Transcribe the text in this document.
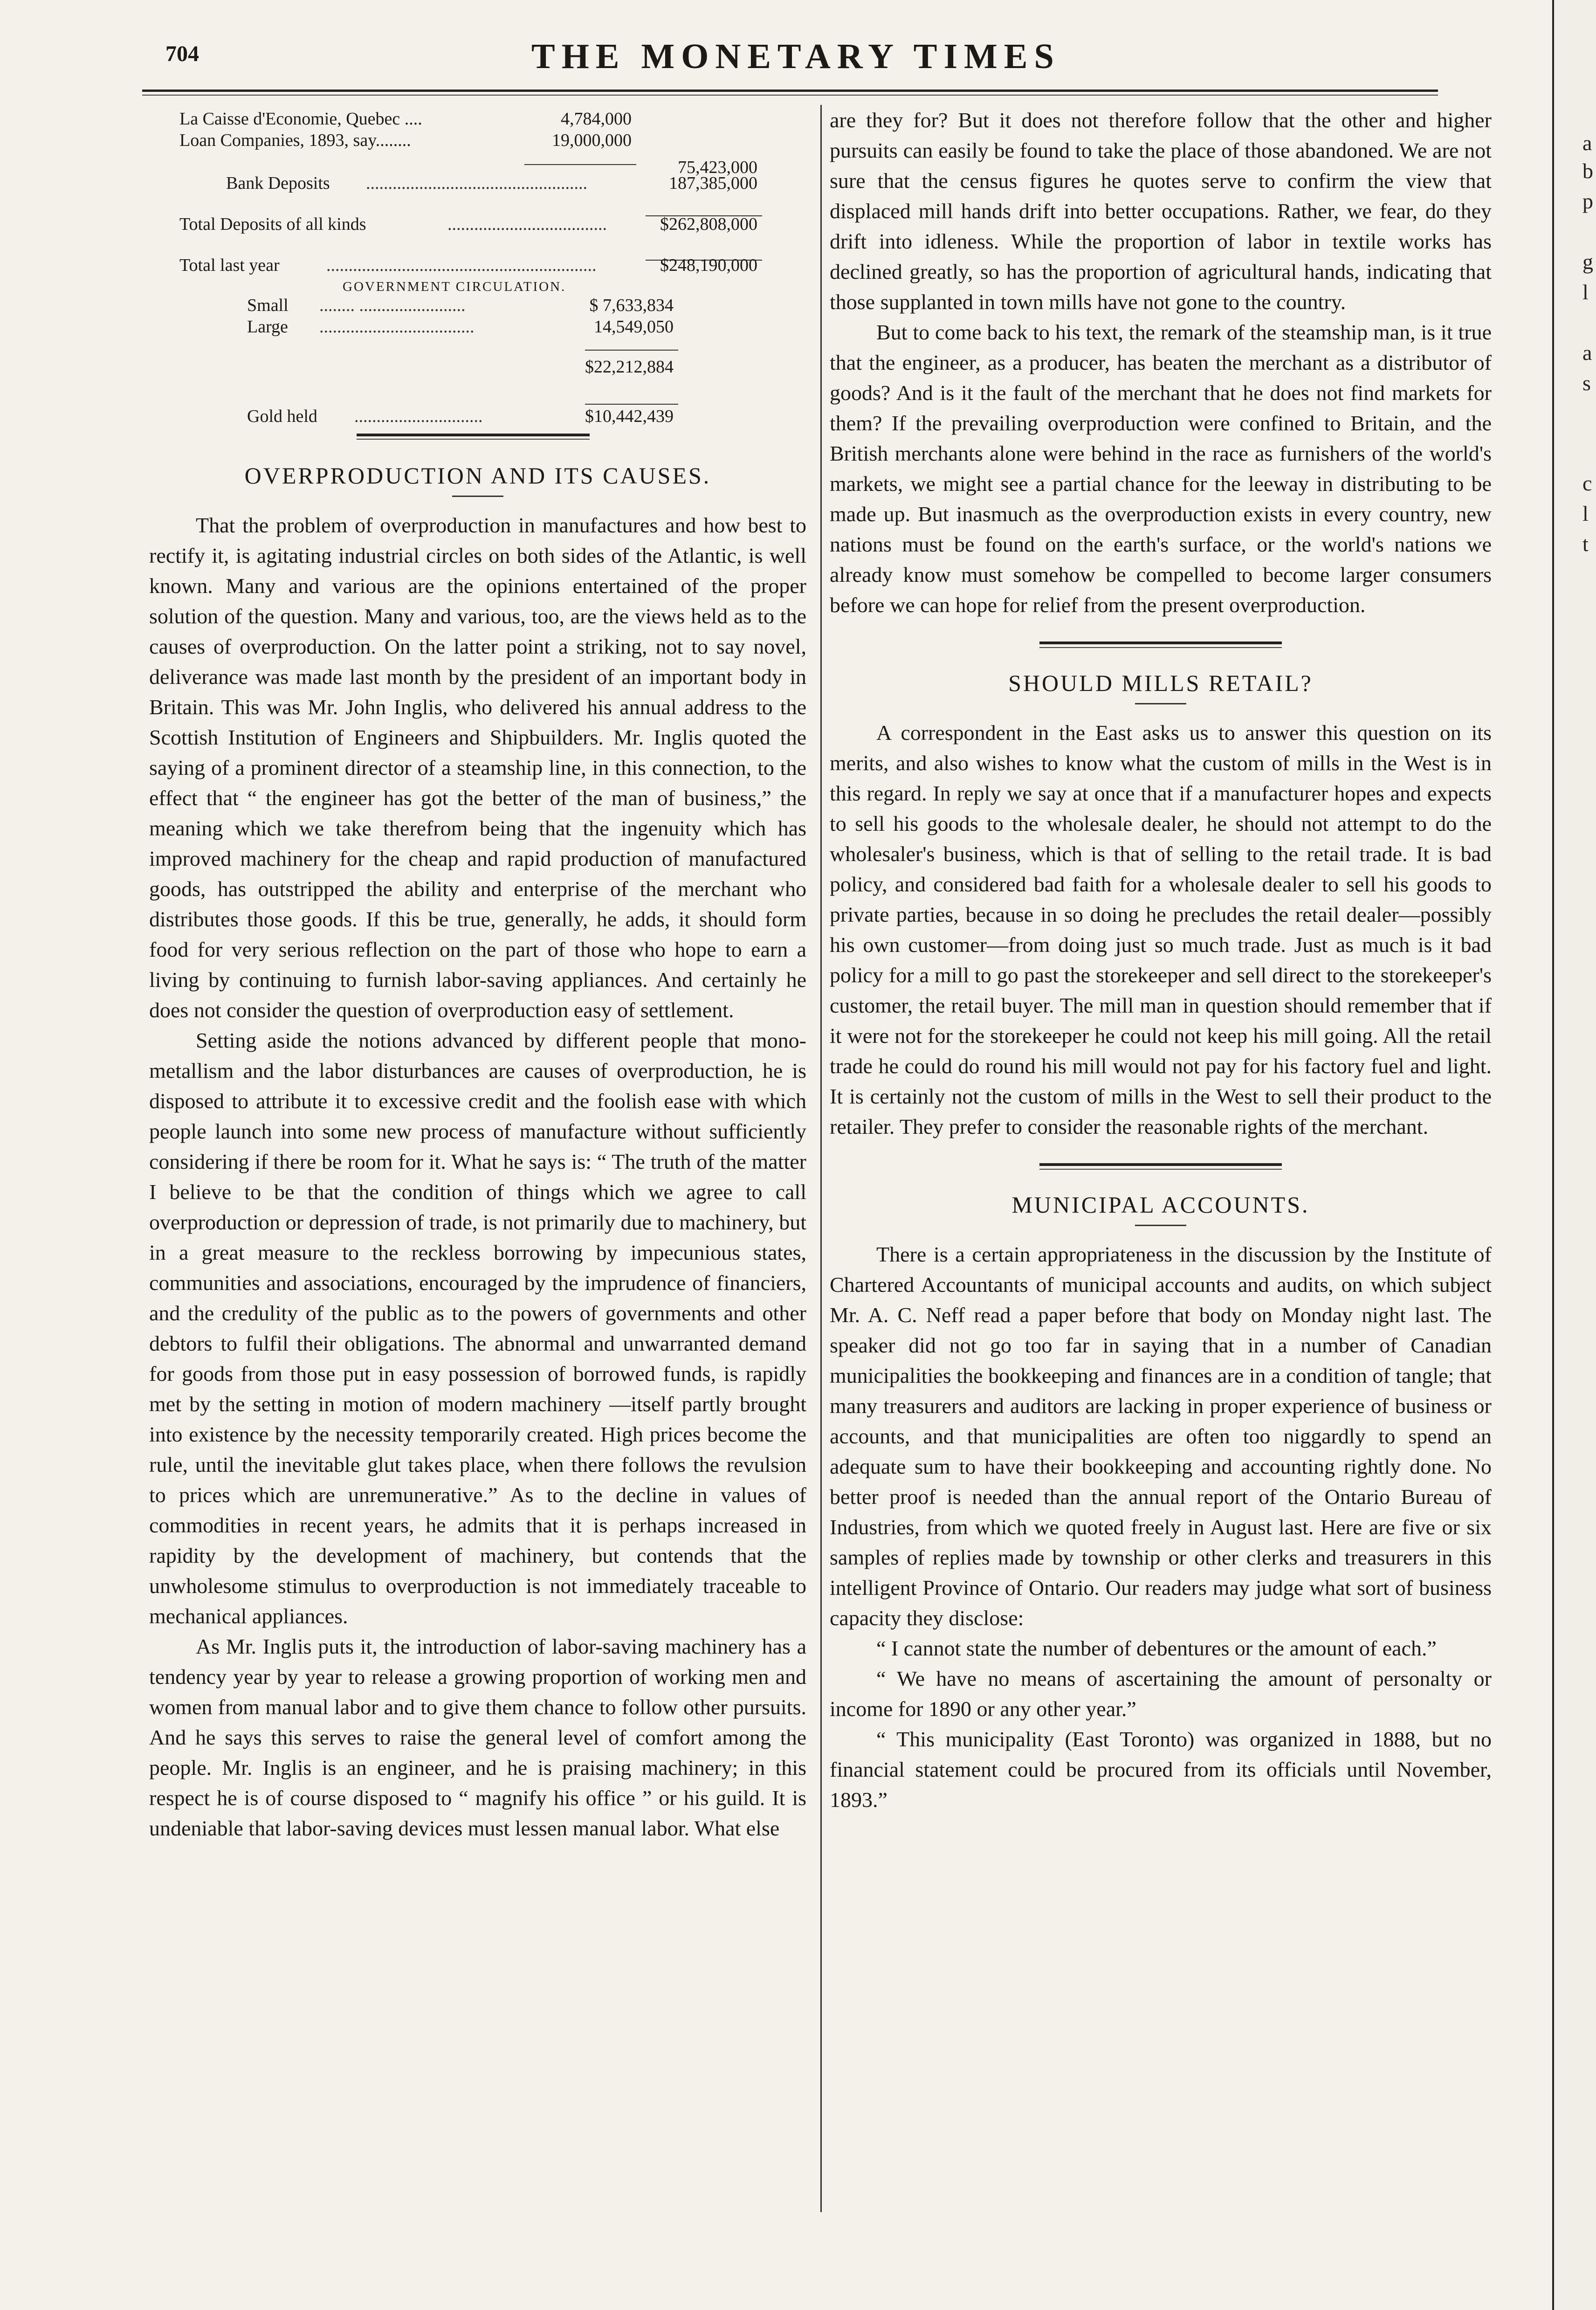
704	THE MONETARY TIMES
La Caisse d'Economie, Quebec ....	4,784,000
Loan Companies, 1893, say........	19,000,000
75,423,000
Bank Deposits ..................................................	187,385,000
Total Deposits of all kinds	....................................	$262,808,000
Total last year	.............................................................	$248,190,000
GOVERNMENT CIRCULATION.
Small ........ ........................	$ 7,633,834
Large ...................................	14,549,050
$22,212,884
Gold held .............................	$10,442,439
OVERPRODUCTION AND ITS CAUSES.

That the problem of overproduction in manufactures and how best to rectify it, is agitating industrial circles on both sides of the Atlantic, is well known. Many and various are the opinions entertained of the proper solution of the question. Many and various, too, are the views held as to the causes of overproduction. On the latter point a striking, not to say novel, deliverance was made last month by the president of an important body in Britain. This was Mr. John Inglis, who delivered his annual address to the Scottish Institution of Engineers and Shipbuilders. Mr. Inglis quoted the saying of a prominent director of a steamship line, in this connection, to the effect that “ the engineer has got the better of the man of business,” the meaning which we take therefrom being that the ingenuity which has improved machinery for the cheap and rapid production of manufactured goods, has outstripped the ability and enterprise of the merchant who distributes those goods. If this be true, generally, he adds, it should form food for very serious reflection on the part of those who hope to earn a living by continuing to furnish labor-saving appliances. And certainly he does not consider the question of overproduction easy of settlement.

Setting aside the notions advanced by different people that mono-metallism and the labor disturbances are causes of overproduction, he is disposed to attribute it to excessive credit and the foolish ease with which people launch into some new process of manufacture without sufficiently considering if there be room for it. What he says is: “ The truth of the matter I believe to be that the condition of things which we agree to call overproduction or depression of trade, is not primarily due to machinery, but in a great measure to the reckless borrowing by impecunious states, communities and associations, encouraged by the imprudence of financiers, and the credulity of the public as to the powers of governments and other debtors to fulfil their obligations. The abnormal and unwarranted demand for goods from those put in easy possession of borrowed funds, is rapidly met by the setting in motion of modern machinery —itself partly brought into existence by the necessity temporarily created. High prices become the rule, until the inevitable glut takes place, when there follows the revulsion to prices which are unremunerative.” As to the decline in values of commodities in recent years, he admits that it is perhaps increased in rapidity by the development of machinery, but contends that the unwholesome stimulus to overproduction is not immediately traceable to mechanical appliances.

As Mr. Inglis puts it, the introduction of labor-saving machinery has a tendency year by year to release a growing proportion of working men and women from manual labor and to give them chance to follow other pursuits. And he says this serves to raise the general level of comfort among the people. Mr. Inglis is an engineer, and he is praising machinery; in this respect he is of course disposed to “ magnify his office ” or his guild. It is undeniable that labor-saving devices must lessen manual labor. What else

are they for? But it does not therefore follow that the other and higher pursuits can easily be found to take the place of those abandoned. We are not sure that the census figures he quotes serve to confirm the view that displaced mill hands drift into better occupations. Rather, we fear, do they drift into idleness. While the proportion of labor in textile works has declined greatly, so has the proportion of agricultural hands, indicating that those supplanted in town mills have not gone to the country.

But to come back to his text, the remark of the steamship man, is it true that the engineer, as a producer, has beaten the merchant as a distributor of goods? And is it the fault of the merchant that he does not find markets for them? If the prevailing overproduction were confined to Britain, and the British merchants alone were behind in the race as furnishers of the world's markets, we might see a partial chance for the leeway in distributing to be made up. But inasmuch as the overproduction exists in every country, new nations must be found on the earth's surface, or the world's nations we already know must somehow be compelled to become larger consumers before we can hope for relief from the present overproduction.

SHOULD MILLS RETAIL?

A correspondent in the East asks us to answer this question on its merits, and also wishes to know what the custom of mills in the West is in this regard. In reply we say at once that if a manufacturer hopes and expects to sell his goods to the wholesale dealer, he should not attempt to do the wholesaler's business, which is that of selling to the retail trade. It is bad policy, and considered bad faith for a wholesale dealer to sell his goods to private parties, because in so doing he precludes the retail dealer—possibly his own customer—from doing just so much trade. Just as much is it bad policy for a mill to go past the storekeeper and sell direct to the storekeeper's customer, the retail buyer. The mill man in question should remember that if it were not for the storekeeper he could not keep his mill going. All the retail trade he could do round his mill would not pay for his factory fuel and light. It is certainly not the custom of mills in the West to sell their product to the retailer. They prefer to consider the reasonable rights of the merchant.

MUNICIPAL ACCOUNTS.

There is a certain appropriateness in the discussion by the Institute of Chartered Accountants of municipal accounts and audits, on which subject Mr. A. C. Neff read a paper before that body on Monday night last. The speaker did not go too far in saying that in a number of Canadian municipalities the bookkeeping and finances are in a condition of tangle; that many treasurers and auditors are lacking in proper experience of business or accounts, and that municipalities are often too niggardly to spend an adequate sum to have their bookkeeping and accounting rightly done. No better proof is needed than the annual report of the Ontario Bureau of Industries, from which we quoted freely in August last. Here are five or six samples of replies made by township or other clerks and treasurers in this intelligent Province of Ontario. Our readers may judge what sort of business capacity they disclose:

“ I cannot state the number of debentures or the amount of each.”

“ We have no means of ascertaining the amount of personalty or income for 1890 or any other year.”

“ This municipality (East Toronto) was organized in 1888, but no financial statement could be procured from its officials until November, 1893.”

a
b
p
g
l
a
s
c
l
t
